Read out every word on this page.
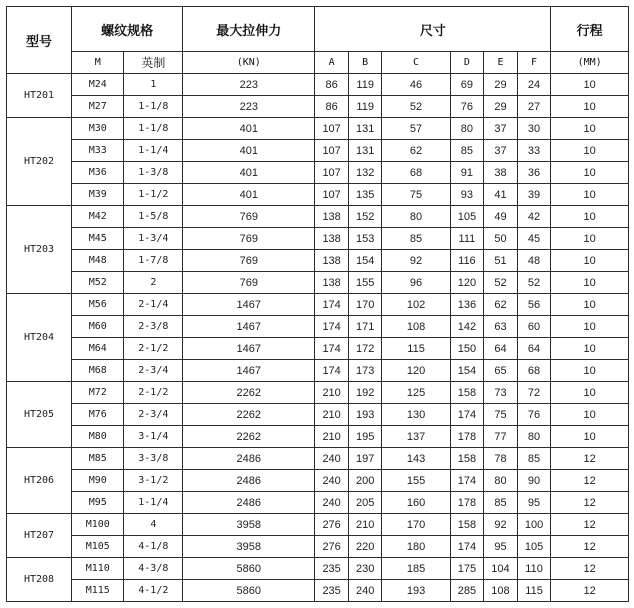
型号	螺纹规格		最大拉伸力	尺寸						行程
	M	英制	(KN)	A	B	C	D	E	F	(MM)
HT201	M24	1	223	86	119	46	69	29	24	10
	M27	1-1/8	223	86	119	52	76	29	27	10
HT202	M30	1-1/8	401	107	131	57	80	37	30	10
	M33	1-1/4	401	107	131	62	85	37	33	10
	M36	1-3/8	401	107	132	68	91	38	36	10
	M39	1-1/2	401	107	135	75	93	41	39	10
HT203	M42	1-5/8	769	138	152	80	105	49	42	10
	M45	1-3/4	769	138	153	85	111	50	45	10
	M48	1-7/8	769	138	154	92	116	51	48	10
	M52	2	769	138	155	96	120	52	52	10
HT204	M56	2-1/4	1467	174	170	102	136	62	56	10
	M60	2-3/8	1467	174	171	108	142	63	60	10
	M64	2-1/2	1467	174	172	115	150	64	64	10
	M68	2-3/4	1467	174	173	120	154	65	68	10
HT205	M72	2-1/2	2262	210	192	125	158	73	72	10
	M76	2-3/4	2262	210	193	130	174	75	76	10
	M80	3-1/4	2262	210	195	137	178	77	80	10
HT206	M85	3-3/8	2486	240	197	143	158	78	85	12
	M90	3-1/2	2486	240	200	155	174	80	90	12
	M95	1-1/4	2486	240	205	160	178	85	95	12
HT207	M100	4	3958	276	210	170	158	92	100	12
	M105	4-1/8	3958	276	220	180	174	95	105	12
HT208	M110	4-3/8	5860	235	230	185	175	104	110	12
	M115	4-1/2	5860	235	240	193	285	108	115	12
